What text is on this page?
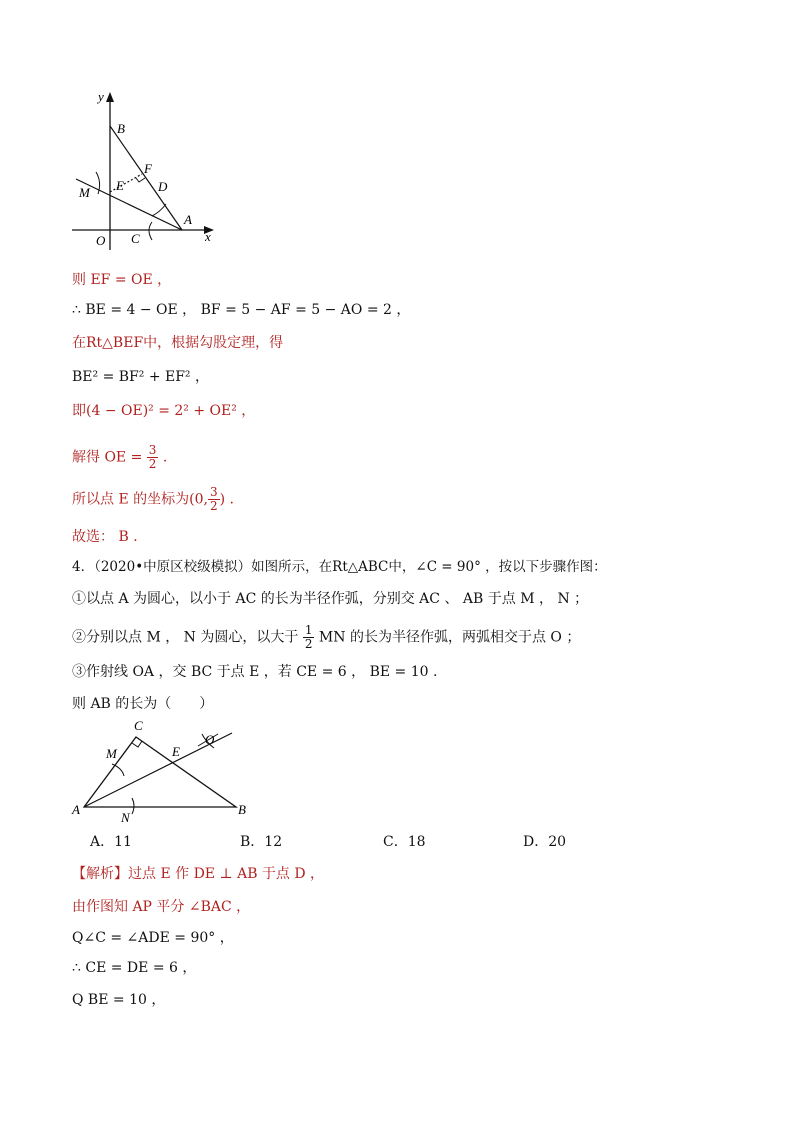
y
B
F
D
M E
A
O C	x
则 EF = OE ，
∴ BE = 4 − OE ， BF = 5 − AF = 5 − AO = 2 ，
在Rt△BEF中，根据勾股定理，得
BE² = BF² + EF² ，
即(4 − OE)² = 2² + OE² ，
解得 OE = $\frac{3}{2}$ .
所以点 E 的坐标为(0, $\frac{3}{2}$ ) .
故选： B .
4．（2020•中原区校级模拟）如图所示，在Rt△ABC中，∠C = 90° ，按以下步骤作图：
①以点 A 为圆心，以小于 AC 的长为半径作弧，分别交 AC 、 AB 于点 M ， N ；
②分别以点 M ， N 为圆心，以大于 $\frac{1}{2}$ MN 的长为半径作弧，两弧相交于点 O ；
③作射线 OA ，交 BC 于点 E ，若 CE = 6 ， BE = 10 .
则 AB 的长为（　　）
C
M	E
O
A
N
B
A．11	B．12	C．18	D．20
【解析】过点 E 作 DE ⊥ AB 于点 D ，
由作图知 AP 平分 ∠BAC ，
Q∠C = ∠ADE = 90° ，
∴ CE = DE = 6 ，
Q BE = 10 ，
